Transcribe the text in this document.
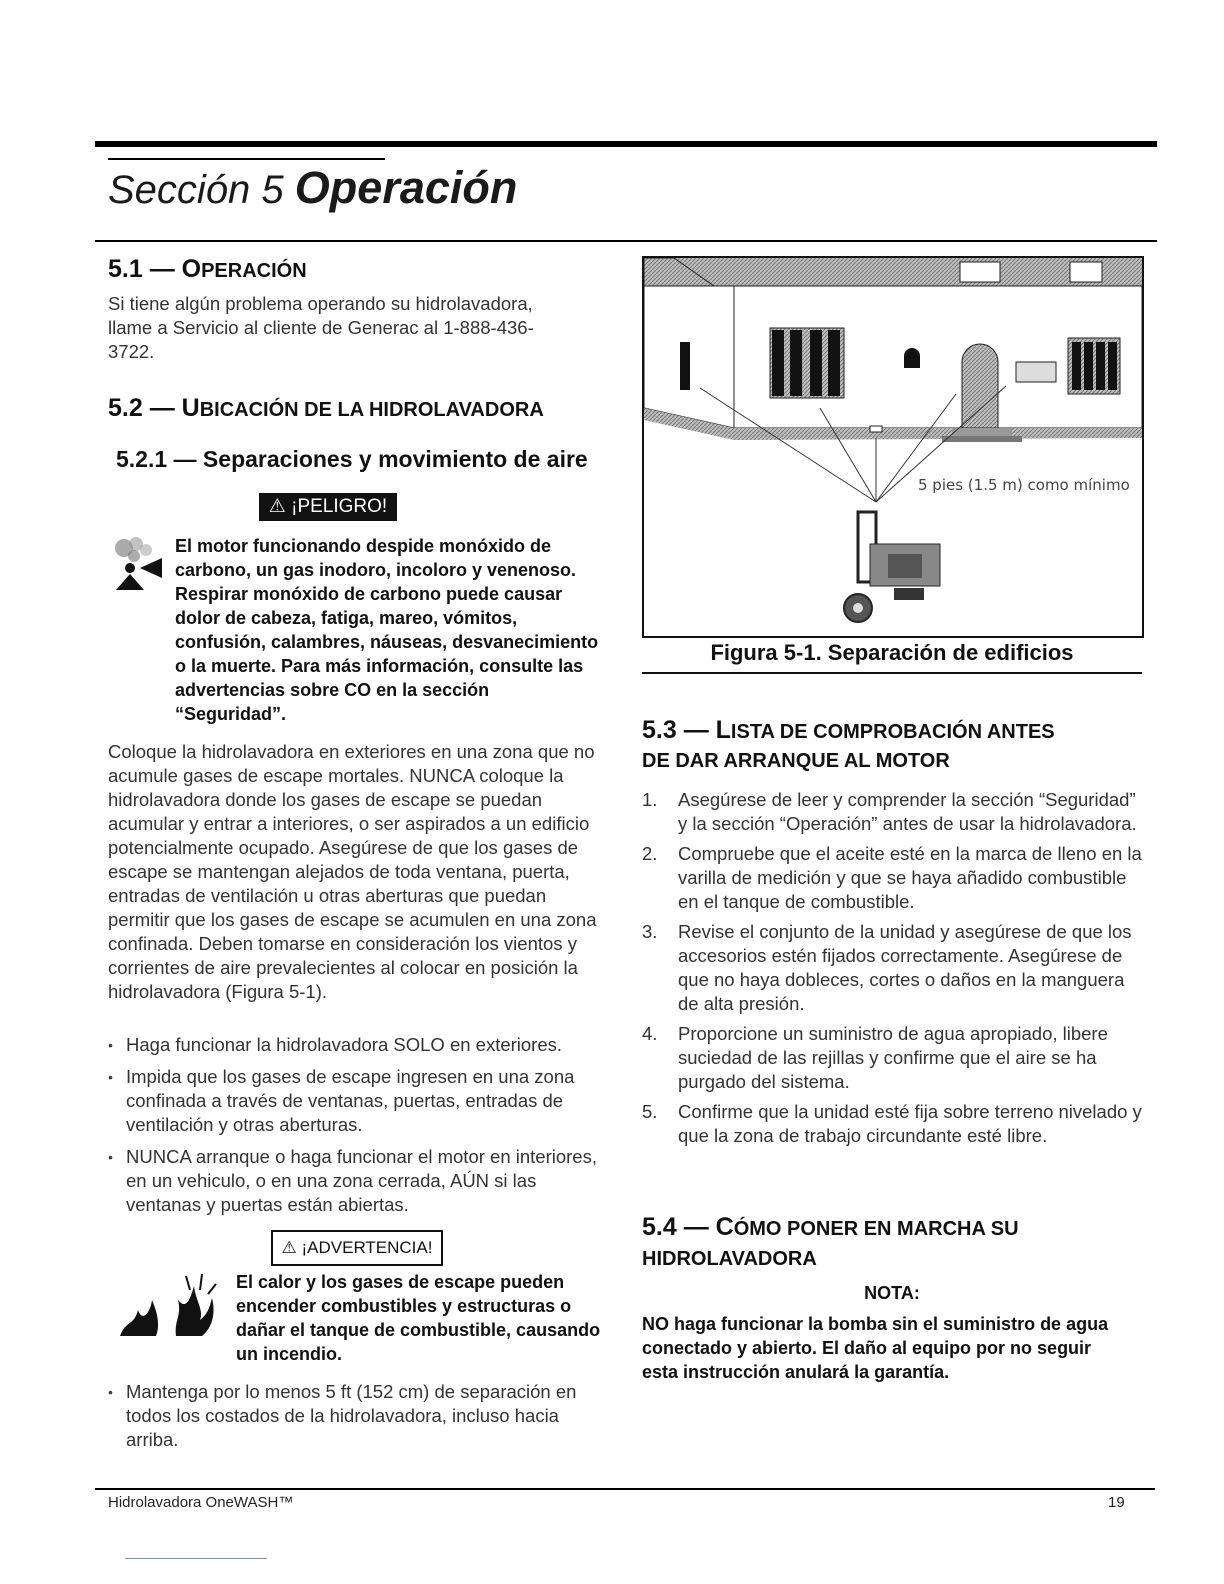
Sección 5 Operación
5.1 — OPERACIÓN
Si tiene algún problema operando su hidrolavadora, llame a Servicio al cliente de Generac al 1-888-436-3722.
5.2 — UBICACIÓN DE LA HIDROLAVADORA
5.2.1 — Separaciones y movimiento de aire
⚠ ¡PELIGRO!
El motor funcionando despide monóxido de carbono, un gas inodoro, incoloro y venenoso. Respirar monóxido de carbono puede causar dolor de cabeza, fatiga, mareo, vómitos, confusión, calambres, náuseas, desvanecimiento o la muerte. Para más información, consulte las advertencias sobre CO en la sección “Seguridad”.
Coloque la hidrolavadora en exteriores en una zona que no acumule gases de escape mortales. NUNCA coloque la hidrolavadora donde los gases de escape se puedan acumular y entrar a interiores, o ser aspirados a un edificio potencialmente ocupado. Asegúrese de que los gases de escape se mantengan alejados de toda ventana, puerta, entradas de ventilación u otras aberturas que puedan permitir que los gases de escape se acumulen en una zona confinada. Deben tomarse en consideración los vientos y corrientes de aire prevalecientes al colocar en posición la hidrolavadora (Figura 5-1).
• Haga funcionar la hidrolavadora SOLO en exteriores.
• Impida que los gases de escape ingresen en una zona confinada a través de ventanas, puertas, entradas de ventilación y otras aberturas.
• NUNCA arranque o haga funcionar el motor en interiores, en un vehiculo, o en una zona cerrada, AÚN si las ventanas y puertas están abiertas.
⚠ ¡ADVERTENCIA!
El calor y los gases de escape pueden encender combustibles y estructuras o dañar el tanque de combustible, causando un incendio.
• Mantenga por lo menos 5 ft (152 cm) de separación en todos los costados de la hidrolavadora, incluso hacia arriba.
5 pies (1.5 m) como mínimo
Figura 5-1. Separación de edificios
5.3 — LISTA DE COMPROBACIÓN ANTES
DE DAR ARRANQUE AL MOTOR
1. Asegúrese de leer y comprender la sección “Seguridad” y la sección “Operación” antes de usar la hidrolavadora.
2. Compruebe que el aceite esté en la marca de lleno en la varilla de medición y que se haya añadido combustible en el tanque de combustible.
3. Revise el conjunto de la unidad y asegúrese de que los accesorios estén fijados correctamente. Asegúrese de que no haya dobleces, cortes o daños en la manguera de alta presión.
4. Proporcione un suministro de agua apropiado, libere suciedad de las rejillas y confirme que el aire se ha purgado del sistema.
5. Confirme que la unidad esté fija sobre terreno nivelado y que la zona de trabajo circundante esté libre.
5.4 — CÓMO PONER EN MARCHA SU
HIDROLAVADORA
NOTA:
NO haga funcionar la bomba sin el suministro de agua conectado y abierto. El daño al equipo por no seguir esta instrucción anulará la garantía.
Hidrolavadora OneWASH™	19
